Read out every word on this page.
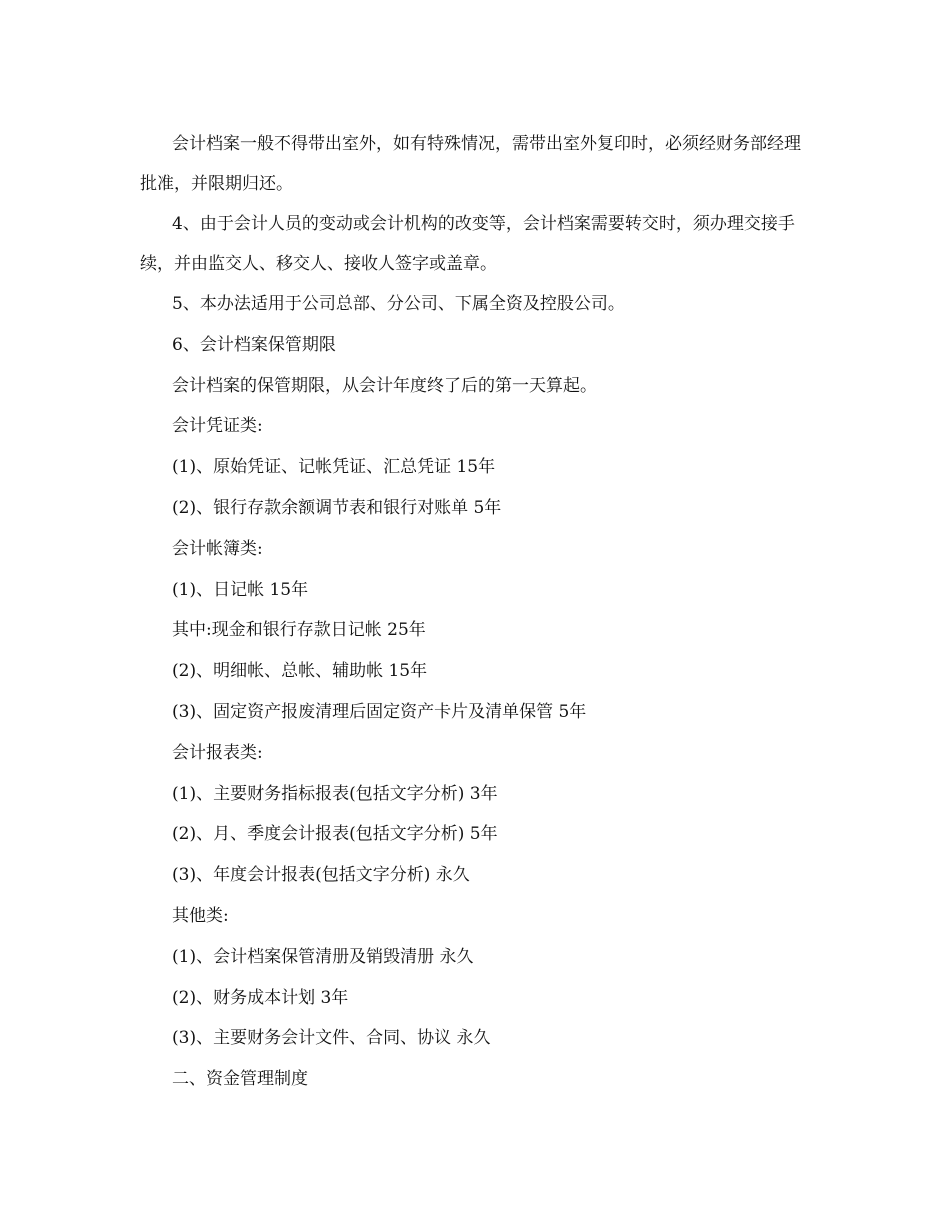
会计档案一般不得带出室外，如有特殊情况，需带出室外复印时，必须经财务部经理批准，并限期归还。

4、由于会计人员的变动或会计机构的改变等，会计档案需要转交时，须办理交接手续，并由监交人、移交人、接收人签字或盖章。

5、本办法适用于公司总部、分公司、下属全资及控股公司。

6、会计档案保管期限

会计档案的保管期限，从会计年度终了后的第一天算起。

会计凭证类:

(1)、原始凭证、记帐凭证、汇总凭证 15年

(2)、银行存款余额调节表和银行对账单 5年

会计帐簿类:

(1)、日记帐 15年

其中:现金和银行存款日记帐 25年

(2)、明细帐、总帐、辅助帐 15年

(3)、固定资产报废清理后固定资产卡片及清单保管 5年

会计报表类:

(1)、主要财务指标报表(包括文字分析) 3年

(2)、月、季度会计报表(包括文字分析) 5年

(3)、年度会计报表(包括文字分析) 永久

其他类:

(1)、会计档案保管清册及销毁清册 永久

(2)、财务成本计划 3年

(3)、主要财务会计文件、合同、协议 永久

二、资金管理制度
